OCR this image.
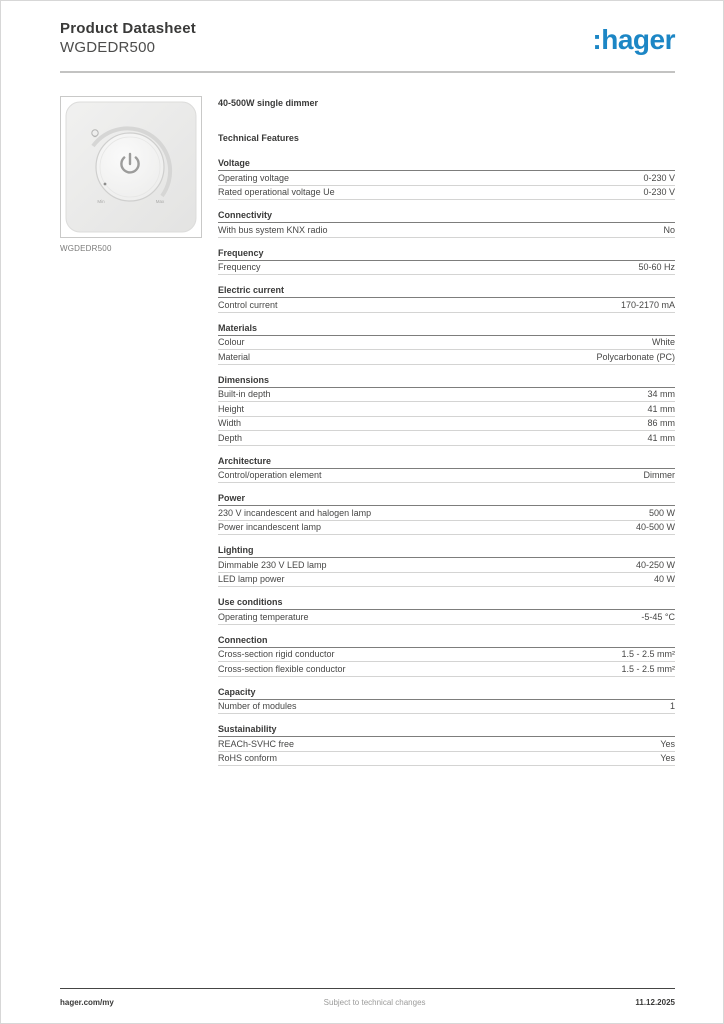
Product Datasheet
WGDEDR500	:hager
Min	Max
WGDEDR500
40-500W single dimmer
Technical Features
Voltage
Operating voltage	0-230 V
Rated operational voltage Ue	0-230 V
Connectivity
With bus system KNX radio	No
Frequency
Frequency	50-60 Hz
Electric current
Control current	170-2170 mA
Materials
Colour	White
Material	Polycarbonate (PC)
Dimensions
Built-in depth	34 mm
Height	41 mm
Width	86 mm
Depth	41 mm
Architecture
Control/operation element	Dimmer
Power
230 V incandescent and halogen lamp	500 W
Power incandescent lamp	40-500 W
Lighting
Dimmable 230 V LED lamp	40-250 W
LED lamp power	40 W
Use conditions
Operating temperature	-5-45 °C
Connection
Cross-section rigid conductor	1.5 - 2.5 mm²
Cross-section flexible conductor	1.5 - 2.5 mm²
Capacity
Number of modules	1
Sustainability
REACh-SVHC free	Yes
RoHS conform	Yes
hager.com/my	Subject to technical changes	11.12.2025
